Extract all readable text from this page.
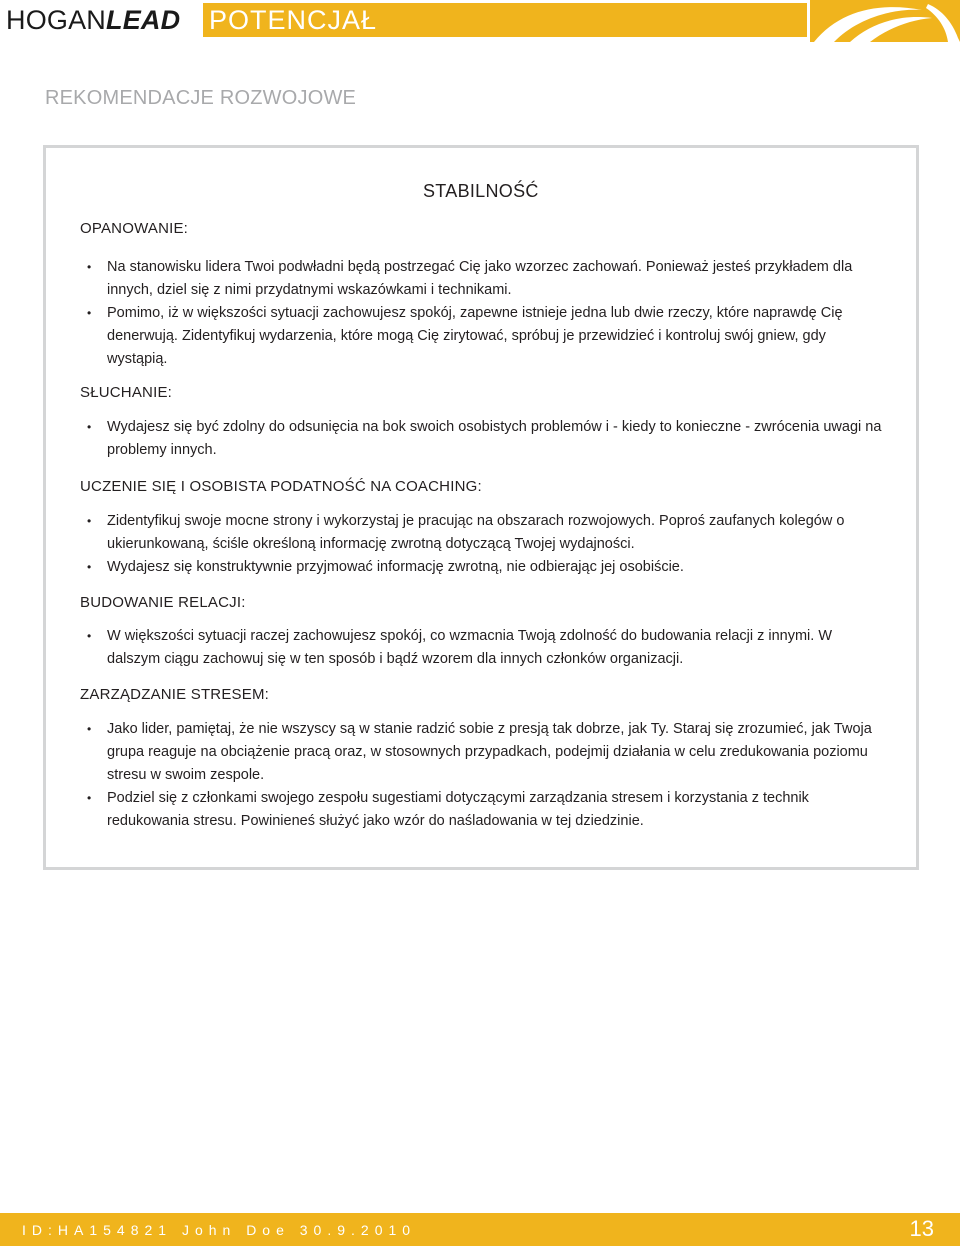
HOGAN LEAD POTENCJAŁ
REKOMENDACJE ROZWOJOWE
STABILNOŚĆ
OPANOWANIE:
• Na stanowisku lidera Twoi podwładni będą postrzegać Cię jako wzorzec zachowań. Ponieważ jesteś przykładem dla innych, dziel się z nimi przydatnymi wskazówkami i technikami.
• Pomimo, iż w większości sytuacji zachowujesz spokój, zapewne istnieje jedna lub dwie rzeczy, które naprawdę Cię denerwują. Zidentyfikuj wydarzenia, które mogą Cię zirytować, spróbuj je przewidzieć i kontroluj swój gniew, gdy wystąpią.
SŁUCHANIE:
• Wydajesz się być zdolny do odsunięcia na bok swoich osobistych problemów i - kiedy to konieczne - zwrócenia uwagi na problemy innych.
UCZENIE SIĘ I OSOBISTA PODATNOŚĆ NA COACHING:
• Zidentyfikuj swoje mocne strony i wykorzystaj je pracując na obszarach rozwojowych. Poproś zaufanych kolegów o ukierunkowaną, ściśle określoną informację zwrotną dotyczącą Twojej wydajności.
• Wydajesz się konstruktywnie przyjmować informację zwrotną, nie odbierając jej osobiście.
BUDOWANIE RELACJI:
• W większości sytuacji raczej zachowujesz spokój, co wzmacnia Twoją zdolność do budowania relacji z innymi. W dalszym ciągu zachowuj się w ten sposób i bądź wzorem dla innych członków organizacji.
ZARZĄDZANIE STRESEM:
• Jako lider, pamiętaj, że nie wszyscy są w stanie radzić sobie z presją tak dobrze, jak Ty. Staraj się zrozumieć, jak Twoja grupa reaguje na obciążenie pracą oraz, w stosownych przypadkach, podejmij działania w celu zredukowania poziomu stresu w swoim zespole.
• Podziel się z członkami swojego zespołu sugestiami dotyczącymi zarządzania stresem i korzystania z technik redukowania stresu. Powinieneś służyć jako wzór do naśladowania w tej dziedzinie.
ID:HA154821 John Doe 30.9.2010	13
